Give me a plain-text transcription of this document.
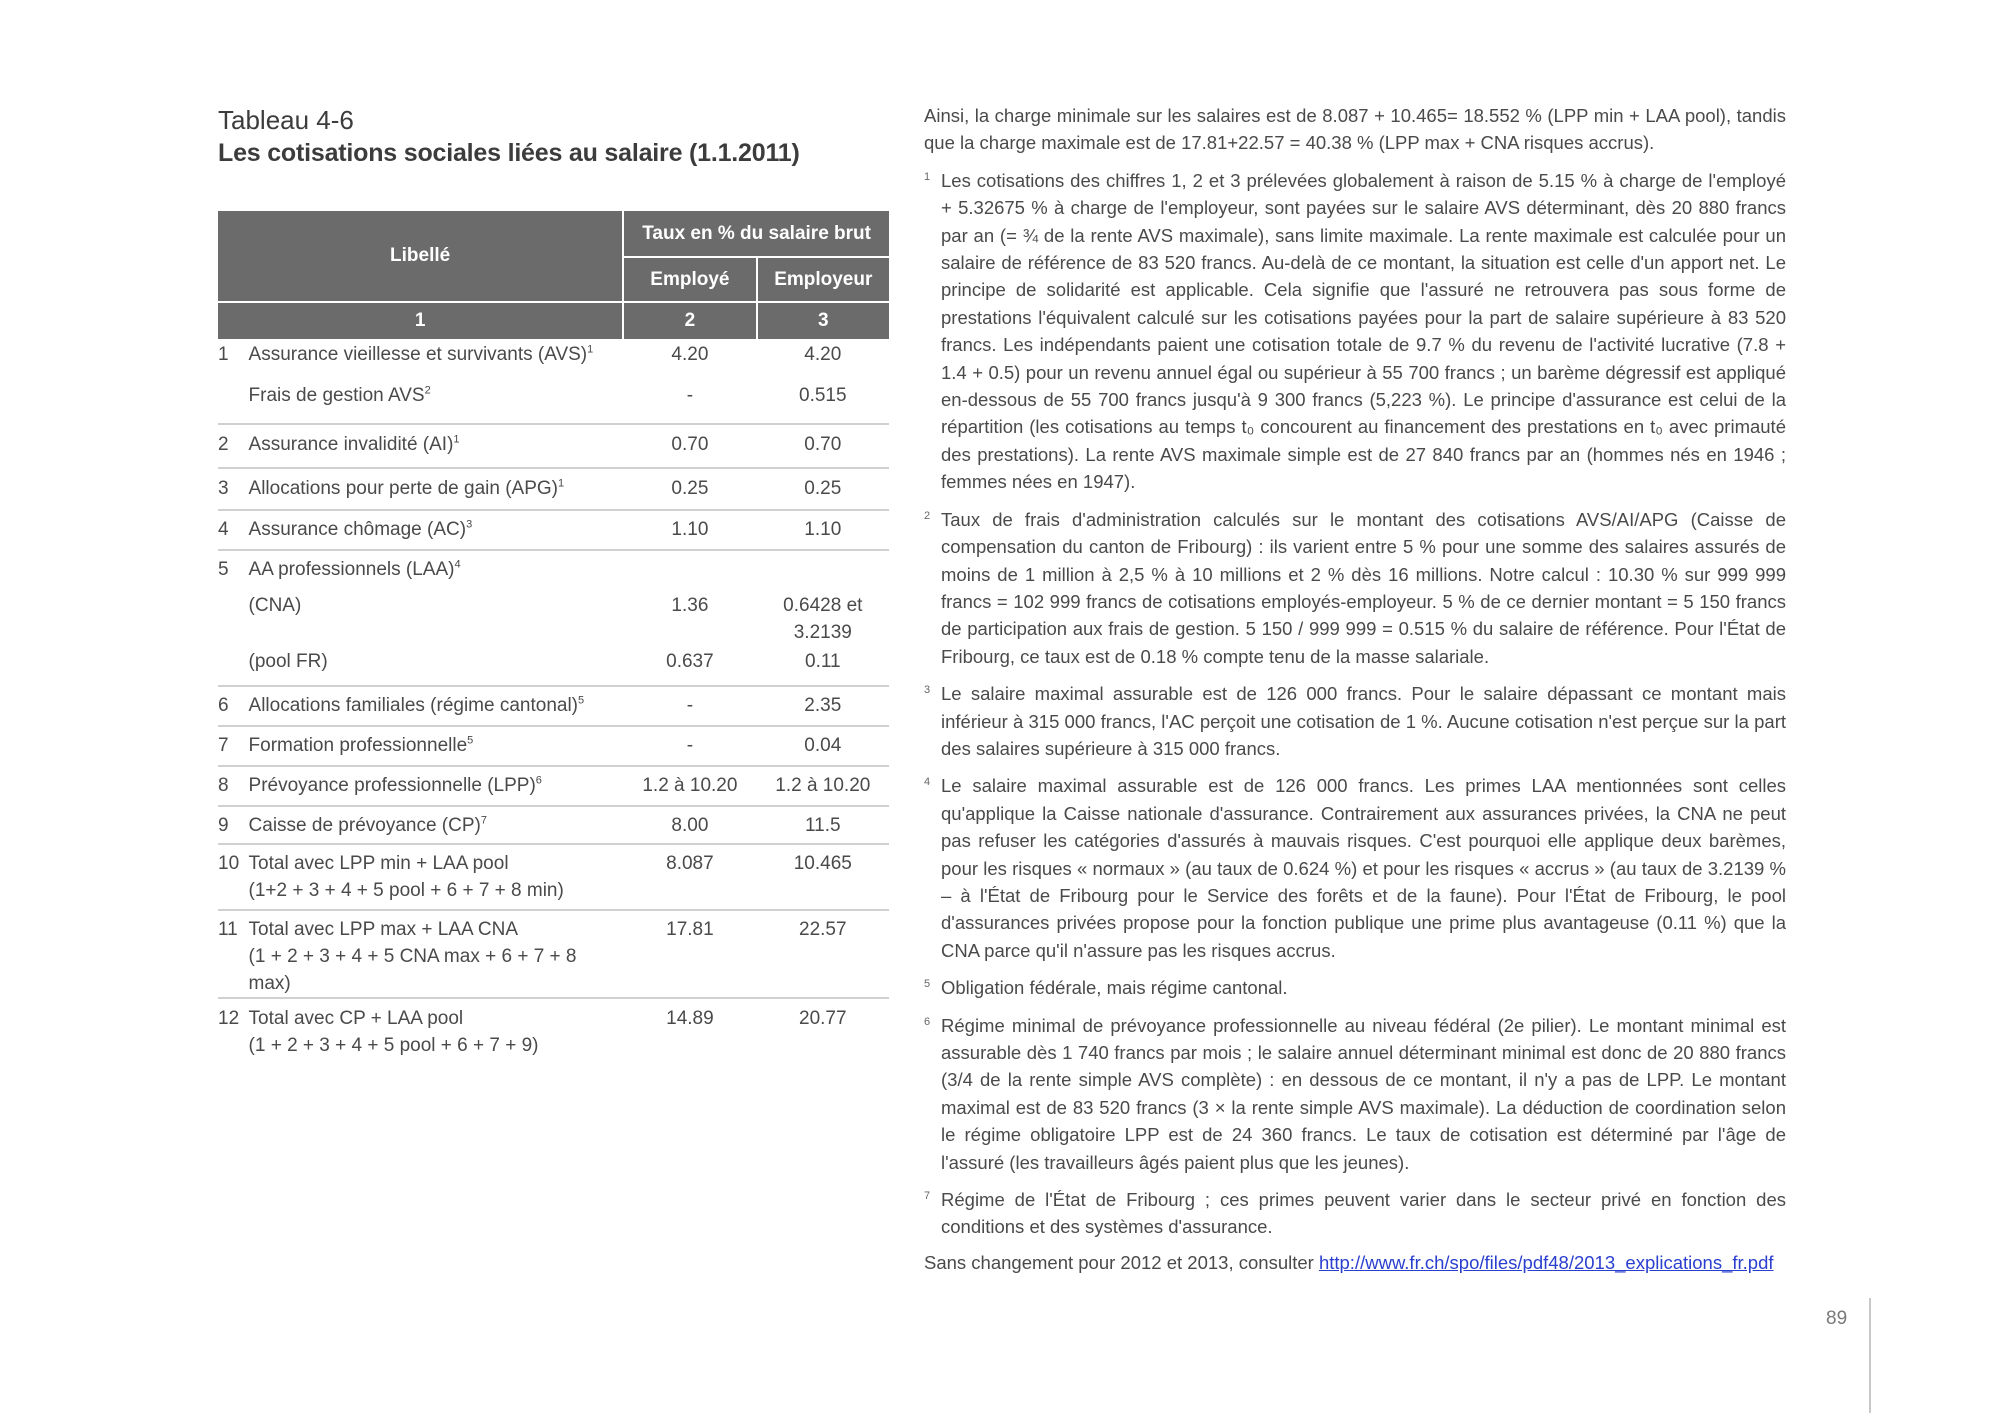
Tableau 4-6
Les cotisations sociales liées au salaire (1.1.2011)
Libellé		Taux en % du salaire brut	
		Employé	Employeur
1		2	3
1	Assurance vieillesse et survivants (AVS)$^1$	4.20	4.20
	Frais de gestion AVS$^2$	-	0.515
2	Assurance invalidité (AI)$^1$	0.70	0.70
3	Allocations pour perte de gain (APG)$^1$	0.25	0.25
4	Assurance chômage (AC)$^3$	1.10	1.10
5	AA professionnels (LAA)$^4$		
	(CNA)	1.36	0.6428 et
3.2139

	(pool FR)	0.637	0.11
6	Allocations familiales (régime cantonal)$^5$	-	2.35
7	Formation professionnelle$^5$	-	0.04
8	Prévoyance professionnelle (LPP)$^6$	1.2 à 10.20	1.2 à 10.20
9	Caisse de prévoyance (CP)$^7$	8.00	11.5
10	Total avec LPP min + LAA pool
(1+2 + 3 + 4 + 5 pool + 6 + 7 + 8 min)	8.087	10.465
11	Total avec LPP max + LAA CNA
(1 + 2 + 3 + 4 + 5 CNA max + 6 + 7 + 8 max)	17.81	22.57
12	Total avec CP + LAA pool
(1 + 2 + 3 + 4 + 5 pool + 6 + 7 + 9)	14.89	20.77

Ainsi, la charge minimale sur les salaires est de 8.087 + 10.465= 18.552 % (LPP min + LAA pool), tandis que la charge maximale est de 17.81+22.57 = 40.38 % (LPP max + CNA risques accrus).

1 Les cotisations des chiffres 1, 2 et 3 prélevées globalement à raison de 5.15 % à charge de l'employé + 5.32675 % à charge de l'employeur, sont payées sur le salaire AVS déterminant, dès 20 880 francs par an (= ¾ de la rente AVS maximale), sans limite maximale. La rente maximale est calculée pour un salaire de référence de 83 520 francs. Au-delà de ce montant, la situation est celle d'un apport net. Le principe de solidarité est applicable. Cela signifie que l'assuré ne retrouvera pas sous forme de prestations l'équivalent calculé sur les cotisations payées pour la part de salaire supérieure à 83 520 francs. Les indépendants paient une cotisation totale de 9.7 % du revenu de l'activité lucrative (7.8 + 1.4 + 0.5) pour un revenu annuel égal ou supérieur à 55 700 francs ; un barème dégressif est appliqué en-dessous de 55 700 francs jusqu'à 9 300 francs (5,223 %). Le principe d'assurance est celui de la répartition (les cotisations au temps t₀ concourent au financement des prestations en t₀ avec primauté des prestations). La rente AVS maximale simple est de 27 840 francs par an (hommes nés en 1946 ; femmes nées en 1947).

2 Taux de frais d'administration calculés sur le montant des cotisations AVS/AI/APG (Caisse de compensation du canton de Fribourg) : ils varient entre 5 % pour une somme des salaires assurés de moins de 1 million à 2,5 % à 10 millions et 2 % dès 16 millions. Notre calcul : 10.30 % sur 999 999 francs = 102 999 francs de cotisations employés-employeur. 5 % de ce dernier montant = 5 150 francs de participation aux frais de gestion. 5 150 / 999 999 = 0.515 % du salaire de référence. Pour l'État de Fribourg, ce taux est de 0.18 % compte tenu de la masse salariale.

3 Le salaire maximal assurable est de 126 000 francs. Pour le salaire dépassant ce montant mais inférieur à 315 000 francs, l'AC perçoit une cotisation de 1 %. Aucune cotisation n'est perçue sur la part des salaires supérieure à 315 000 francs.

4 Le salaire maximal assurable est de 126 000 francs. Les primes LAA mentionnées sont celles qu'applique la Caisse nationale d'assurance. Contrairement aux assurances privées, la CNA ne peut pas refuser les catégories d'assurés à mauvais risques. C'est pourquoi elle applique deux barèmes, pour les risques « normaux » (au taux de 0.624 %) et pour les risques « accrus » (au taux de 3.2139 % – à l'État de Fribourg pour le Service des forêts et de la faune). Pour l'État de Fribourg, le pool d'assurances privées propose pour la fonction publique une prime plus avantageuse (0.11 %) que la CNA parce qu'il n'assure pas les risques accrus.

5 Obligation fédérale, mais régime cantonal.

6 Régime minimal de prévoyance professionnelle au niveau fédéral (2e pilier). Le montant minimal est assurable dès 1 740 francs par mois ; le salaire annuel déterminant minimal est donc de 20 880 francs (3/4 de la rente simple AVS complète) : en dessous de ce montant, il n'y a pas de LPP. Le montant maximal est de 83 520 francs (3 × la rente simple AVS maximale). La déduction de coordination selon le régime obligatoire LPP est de 24 360 francs. Le taux de cotisation est déterminé par l'âge de l'assuré (les travailleurs âgés paient plus que les jeunes).

7 Régime de l'État de Fribourg ; ces primes peuvent varier dans le secteur privé en fonction des conditions et des systèmes d'assurance.

Sans changement pour 2012 et 2013, consulter http://www.fr.ch/spo/files/pdf48/2013_explications_fr.pdf

89
